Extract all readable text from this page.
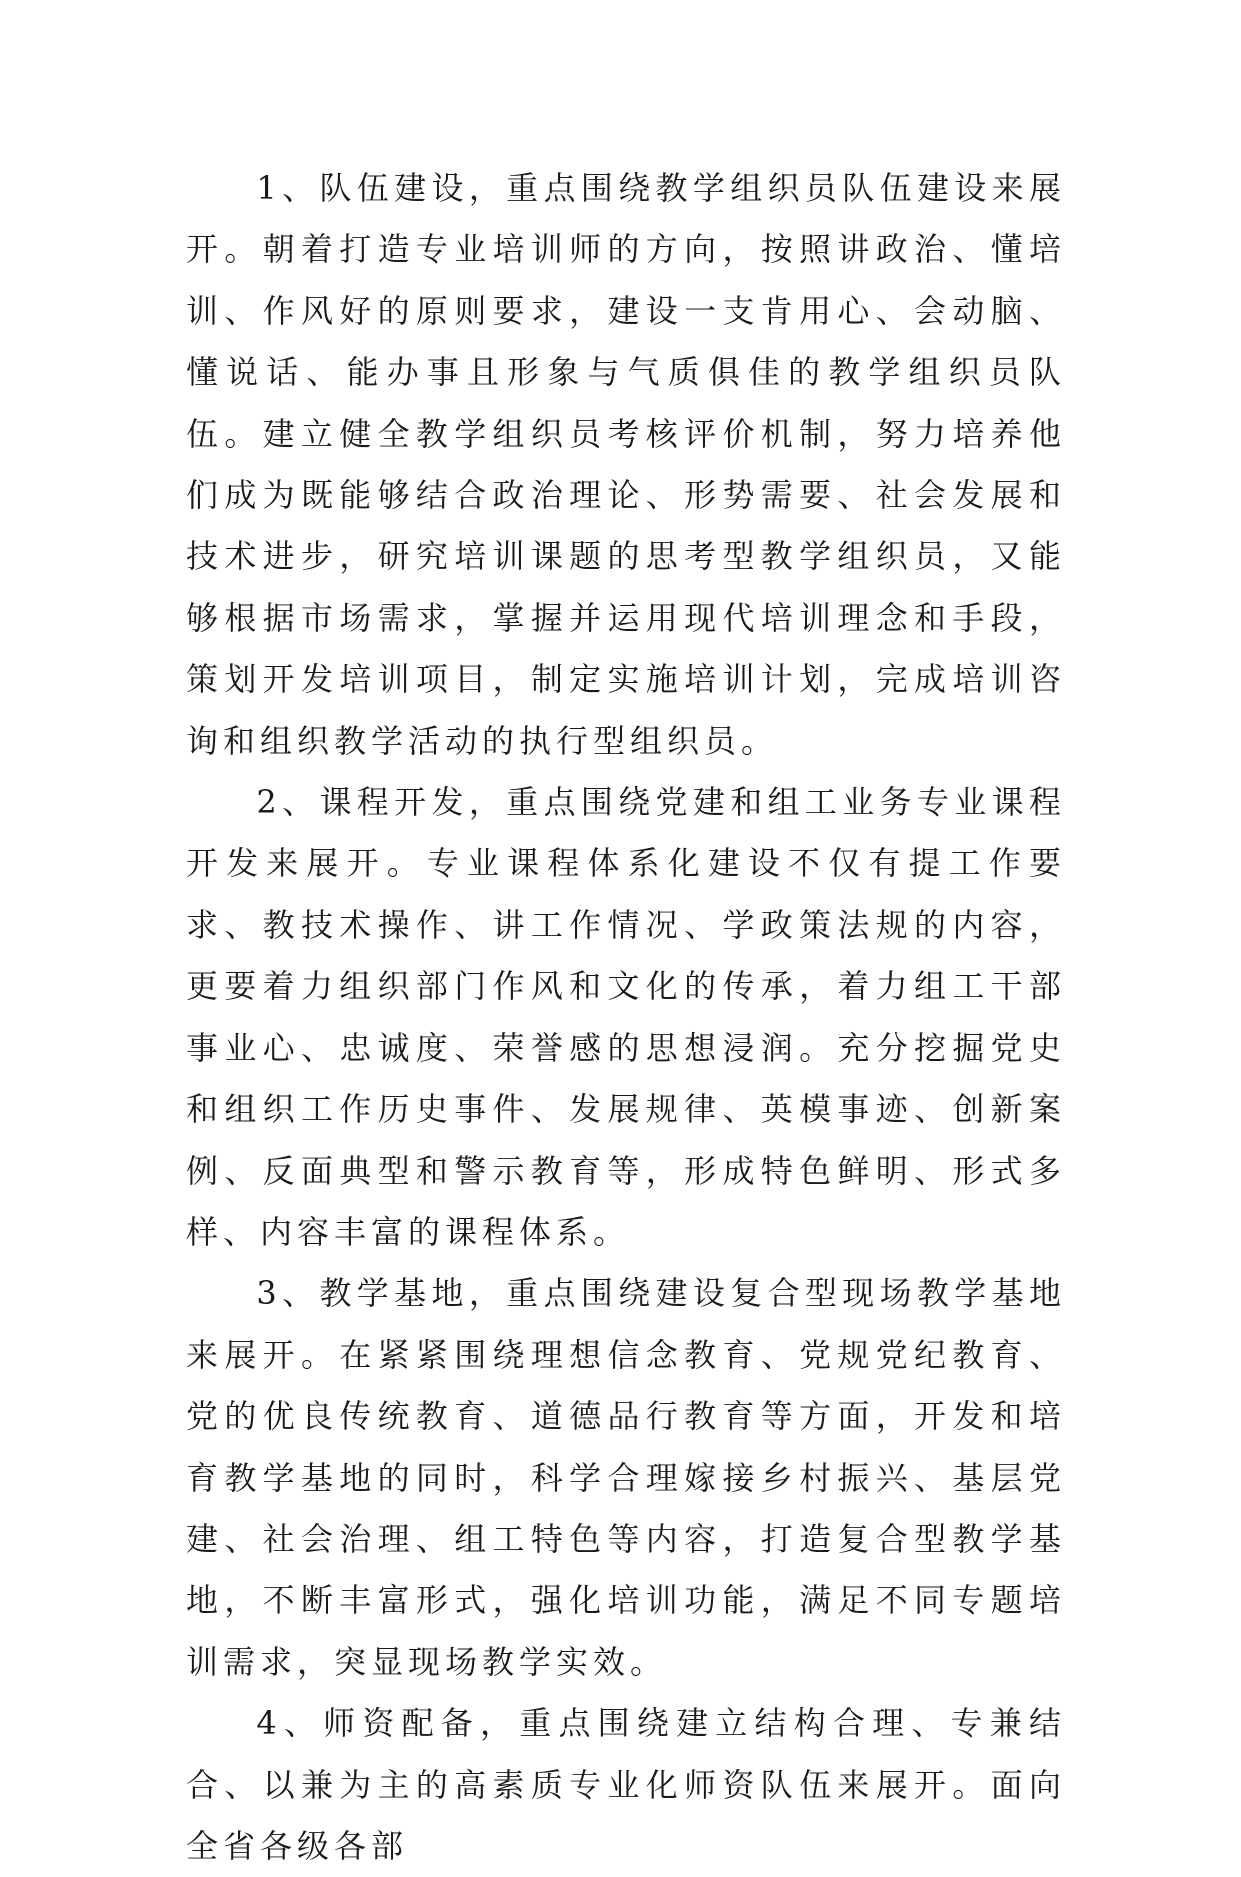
1、队伍建设，重点围绕教学组织员队伍建设来展开。朝着打造专业培训师的方向，按照讲政治、懂培训、作风好的原则要求，建设一支肯用心、会动脑、懂说话、能办事且形象与气质俱佳的教学组织员队伍。建立健全教学组织员考核评价机制，努力培养他们成为既能够结合政治理论、形势需要、社会发展和技术进步，研究培训课题的思考型教学组织员，又能够根据市场需求，掌握并运用现代培训理念和手段，策划开发培训项目，制定实施培训计划，完成培训咨询和组织教学活动的执行型组织员。

2、课程开发，重点围绕党建和组工业务专业课程开发来展开。专业课程体系化建设不仅有提工作要求、教技术操作、讲工作情况、学政策法规的内容，更要着力组织部门作风和文化的传承，着力组工干部事业心、忠诚度、荣誉感的思想浸润。充分挖掘党史和组织工作历史事件、发展规律、英模事迹、创新案例、反面典型和警示教育等，形成特色鲜明、形式多样、内容丰富的课程体系。

3、教学基地，重点围绕建设复合型现场教学基地来展开。在紧紧围绕理想信念教育、党规党纪教育、党的优良传统教育、道德品行教育等方面，开发和培育教学基地的同时，科学合理嫁接乡村振兴、基层党建、社会治理、组工特色等内容，打造复合型教学基地，不断丰富形式，强化培训功能，满足不同专题培训需求，突显现场教学实效。

4、师资配备，重点围绕建立结构合理、专兼结合、以兼为主的高素质专业化师资队伍来展开。面向全省各级各部
